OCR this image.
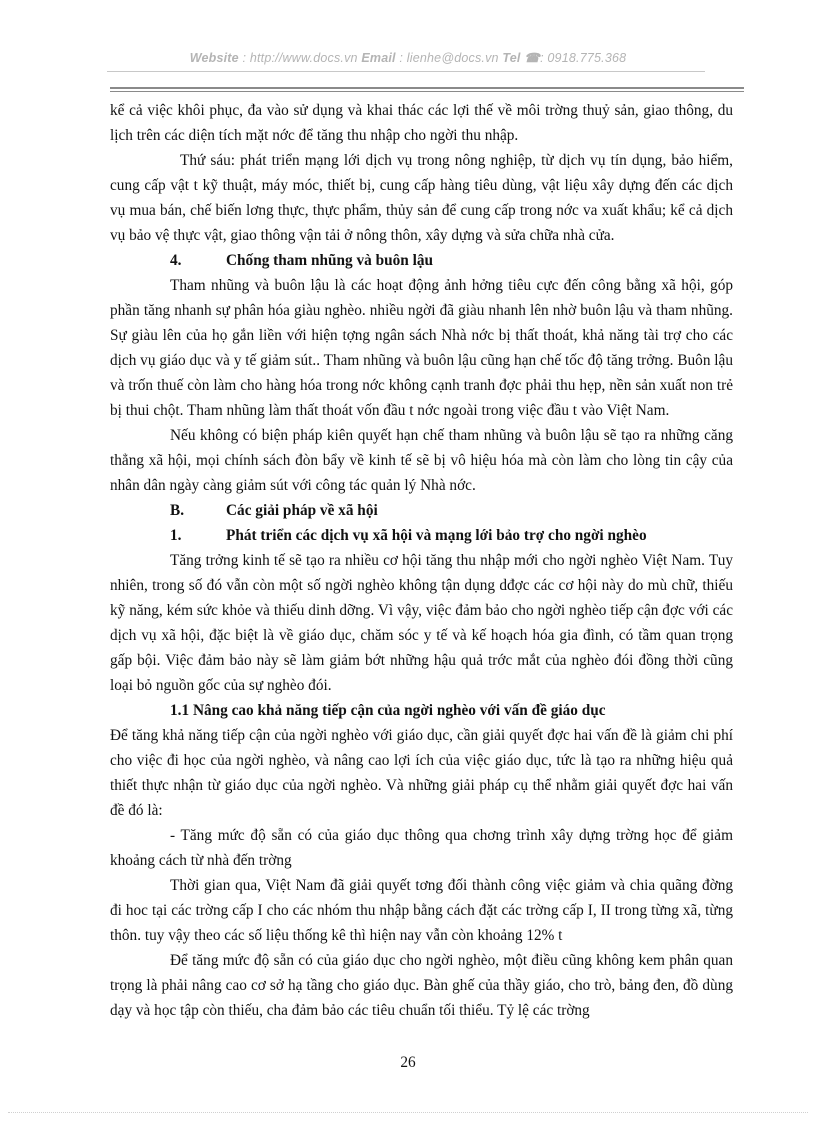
Website : http://www.docs.vn Email : lienhe@docs.vn Tel ☎: 0918.775.368

kể cả việc khôi phục, đa vào sử dụng và khai thác các lợi thế về môi trờng thuỷ sản, giao thông, du lịch trên các diện tích mặt nớc để tăng thu nhập cho ngời thu nhập.

Thứ sáu: phát triển mạng lới dịch vụ trong nông nghiệp, từ dịch vụ tín dụng, bảo hiểm, cung cấp vật t kỹ thuật, máy móc, thiết bị, cung cấp hàng tiêu dùng, vật liệu xây dựng đến các dịch vụ mua bán, chế biến lơng thực, thực phẩm, thủy sản để cung cấp trong nớc va xuất khẩu; kể cả dịch vụ bảo vệ thực vật, giao thông vận tải ở nông thôn, xây dựng và sửa chữa nhà cửa.

4.	Chống tham nhũng và buôn lậu

Tham nhũng và buôn lậu là các hoạt động ảnh hởng tiêu cực đến công bằng xã hội, góp phần tăng nhanh sự phân hóa giàu nghèo. nhiều ngời đã giàu nhanh lên nhờ buôn lậu và tham nhũng. Sự giàu lên của họ gắn liền với hiện tợng ngân sách Nhà nớc bị thất thoát, khả năng tài trợ cho các dịch vụ giáo dục và y tế giảm sút.. Tham nhũng và buôn lậu cũng hạn chế tốc độ tăng trởng. Buôn lậu và trốn thuế còn làm cho hàng hóa trong nớc không cạnh tranh đợc phải thu hẹp, nền sản xuất non trẻ bị thui chột. Tham nhũng làm thất thoát vốn đầu t nớc ngoài trong việc đầu t vào Việt Nam.

Nếu không có biện pháp kiên quyết hạn chế tham nhũng và buôn lậu sẽ tạo ra những căng thẳng xã hội, mọi chính sách đòn bẩy về kinh tế sẽ bị vô hiệu hóa mà còn làm cho lòng tin cậy của nhân dân ngày càng giảm sút với công tác quản lý Nhà nớc.

B.	Các giải pháp về xã hội

1.	Phát triển các dịch vụ xã hội và mạng lới bảo trợ cho ngời nghèo

Tăng trởng kinh tế sẽ tạo ra nhiều cơ hội tăng thu nhập mới cho ngời nghèo Việt Nam. Tuy nhiên, trong số đó vẫn còn một số ngời nghèo không tận dụng dđợc các cơ hội này do mù chữ, thiếu kỹ năng, kém sức khỏe và thiếu dinh dỡng. Vì vậy, việc đảm bảo cho ngời nghèo tiếp cận đợc với các dịch vụ xã hội, đặc biệt là về giáo dục, chăm sóc y tế và kế hoạch hóa gia đình, có tầm quan trọng gấp bội. Việc đảm bảo này sẽ làm giảm bớt những hậu quả trớc mắt của nghèo đói đồng thời cũng loại bỏ nguồn gốc của sự nghèo đói.

1.1 Nâng cao khả năng tiếp cận của ngời nghèo với vấn đề giáo dục

Để tăng khả năng tiếp cận của ngời nghèo với giáo dục, cần giải quyết đợc hai vấn đề là giảm chi phí cho việc đi học của ngời nghèo, và nâng cao lợi ích của việc giáo dục, tức là tạo ra những hiệu quả thiết thực nhận từ giáo dục của ngời nghèo. Và những giải pháp cụ thể nhằm giải quyết đợc hai vấn đề đó là:

- Tăng mức độ sẵn có của giáo dục thông qua chơng trình xây dựng trờng học để giảm khoảng cách từ nhà đến trờng

Thời gian qua, Việt Nam đã giải quyết tơng đối thành công việc giảm và chia quãng đờng đi hoc tại các trờng cấp I cho các nhóm thu nhập bằng cách đặt các trờng cấp I, II trong từng xã, từng thôn. tuy vậy theo các số liệu thống kê thì hiện nay vẫn còn khoảng 12% t

Để tăng mức độ sẵn có của giáo dục cho ngời nghèo, một điều cũng không kem phân quan trọng là phải nâng cao cơ sở hạ tầng cho giáo dục. Bàn ghế của thầy giáo, cho trò, bảng đen, đồ dùng dạy và học tập còn thiếu, cha đảm bảo các tiêu chuẩn tối thiểu. Tỷ lệ các trờng

26
